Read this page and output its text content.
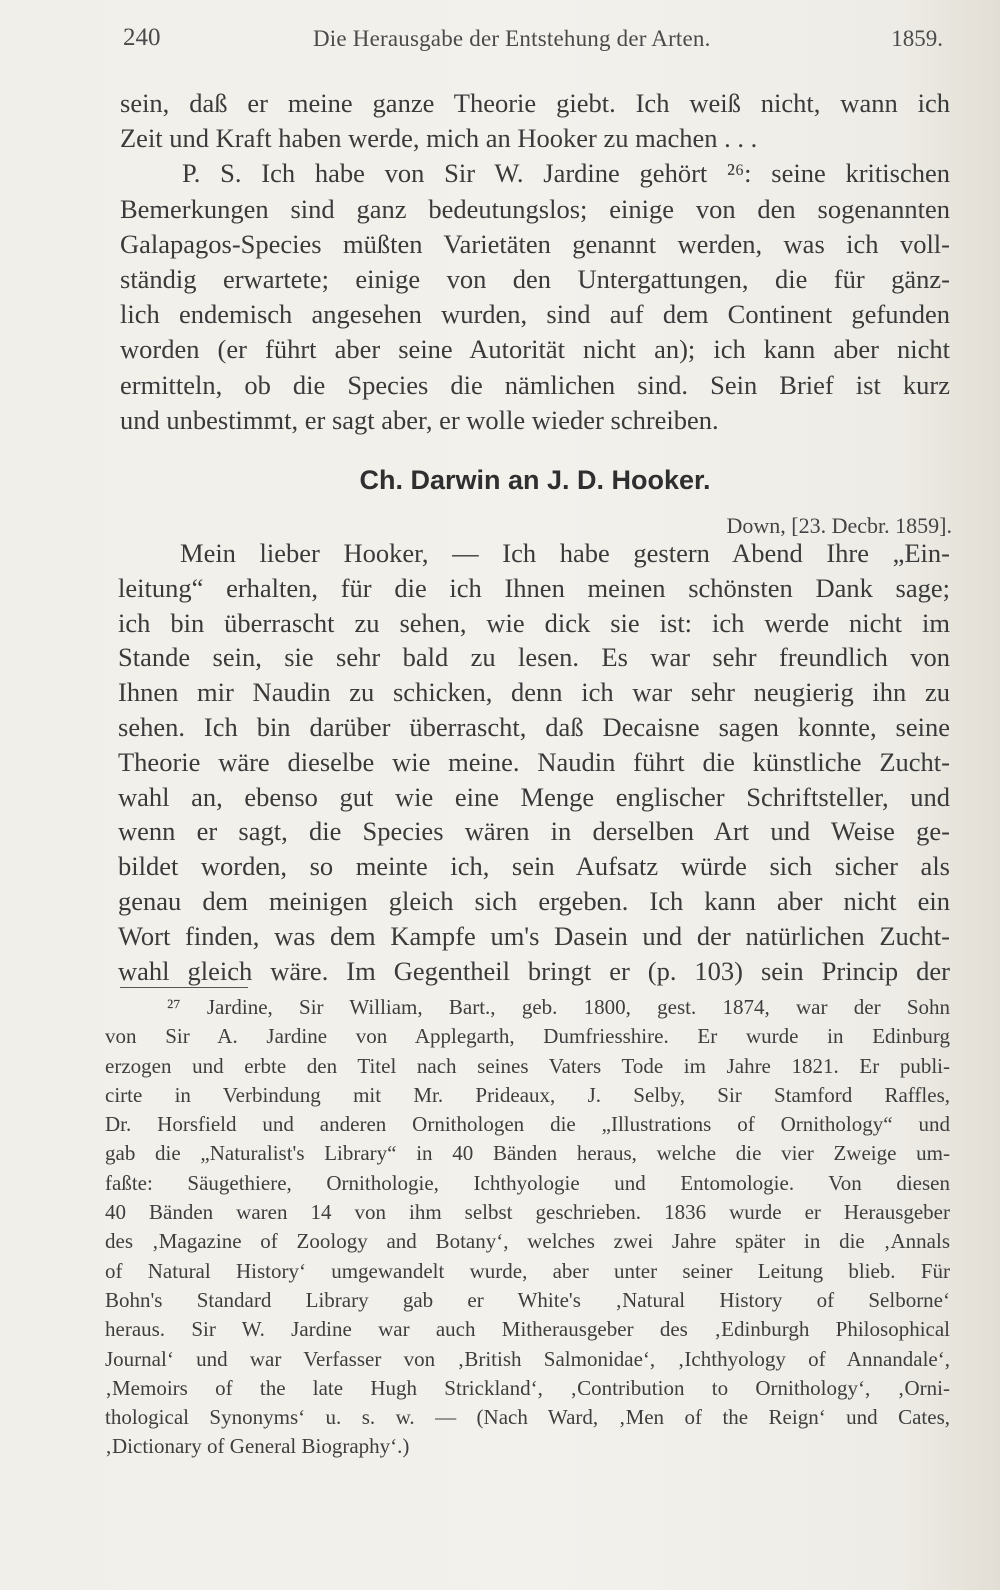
240	Die Herausgabe der Entstehung der Arten.	1859.
sein, daß er meine ganze Theorie giebt. Ich weiß nicht, wann ich
Zeit und Kraft haben werde, mich an Hooker zu machen . . .
P. S. Ich habe von Sir W. Jardine gehört ²⁶: seine kritischen
Bemerkungen sind ganz bedeutungslos; einige von den sogenannten
Galapagos-Species müßten Varietäten genannt werden, was ich voll-
ständig erwartete; einige von den Untergattungen, die für gänz-
lich endemisch angesehen wurden, sind auf dem Continent gefunden
worden (er führt aber seine Autorität nicht an); ich kann aber nicht
ermitteln, ob die Species die nämlichen sind. Sein Brief ist kurz
und unbestimmt, er sagt aber, er wolle wieder schreiben.
Ch. Darwin an J. D. Hooker.
Down, [23. Decbr. 1859].
Mein lieber Hooker, — Ich habe gestern Abend Ihre „Ein-
leitung“ erhalten, für die ich Ihnen meinen schönsten Dank sage;
ich bin überrascht zu sehen, wie dick sie ist: ich werde nicht im
Stande sein, sie sehr bald zu lesen. Es war sehr freundlich von
Ihnen mir Naudin zu schicken, denn ich war sehr neugierig ihn zu
sehen. Ich bin darüber überrascht, daß Decaisne sagen konnte, seine
Theorie wäre dieselbe wie meine. Naudin führt die künstliche Zucht-
wahl an, ebenso gut wie eine Menge englischer Schriftsteller, und
wenn er sagt, die Species wären in derselben Art und Weise ge-
bildet worden, so meinte ich, sein Aufsatz würde sich sicher als
genau dem meinigen gleich sich ergeben. Ich kann aber nicht ein
Wort finden, was dem Kampfe um's Dasein und der natürlichen Zucht-
wahl gleich wäre. Im Gegentheil bringt er (p. 103) sein Princip der
²⁷ Jardine, Sir William, Bart., geb. 1800, gest. 1874, war der Sohn
von Sir A. Jardine von Applegarth, Dumfriesshire. Er wurde in Edinburg
erzogen und erbte den Titel nach seines Vaters Tode im Jahre 1821. Er publi-
cirte in Verbindung mit Mr. Prideaux, J. Selby, Sir Stamford Raffles,
Dr. Horsfield und anderen Ornithologen die „Illustrations of Ornithology“ und
gab die „Naturalist's Library“ in 40 Bänden heraus, welche die vier Zweige um-
faßte: Säugethiere, Ornithologie, Ichthyologie und Entomologie. Von diesen
40 Bänden waren 14 von ihm selbst geschrieben. 1836 wurde er Herausgeber
des ‚Magazine of Zoology and Botany‘, welches zwei Jahre später in die ‚Annals
of Natural History‘ umgewandelt wurde, aber unter seiner Leitung blieb. Für
Bohn's Standard Library gab er White's ‚Natural History of Selborne‘
heraus. Sir W. Jardine war auch Mitherausgeber des ‚Edinburgh Philosophical
Journal‘ und war Verfasser von ‚British Salmonidae‘, ‚Ichthyology of Annandale‘,
‚Memoirs of the late Hugh Strickland‘, ‚Contribution to Ornithology‘, ‚Orni-
thological Synonyms‘ u. s. w. — (Nach Ward, ‚Men of the Reign‘ und Cates,
‚Dictionary of General Biography‘.)
